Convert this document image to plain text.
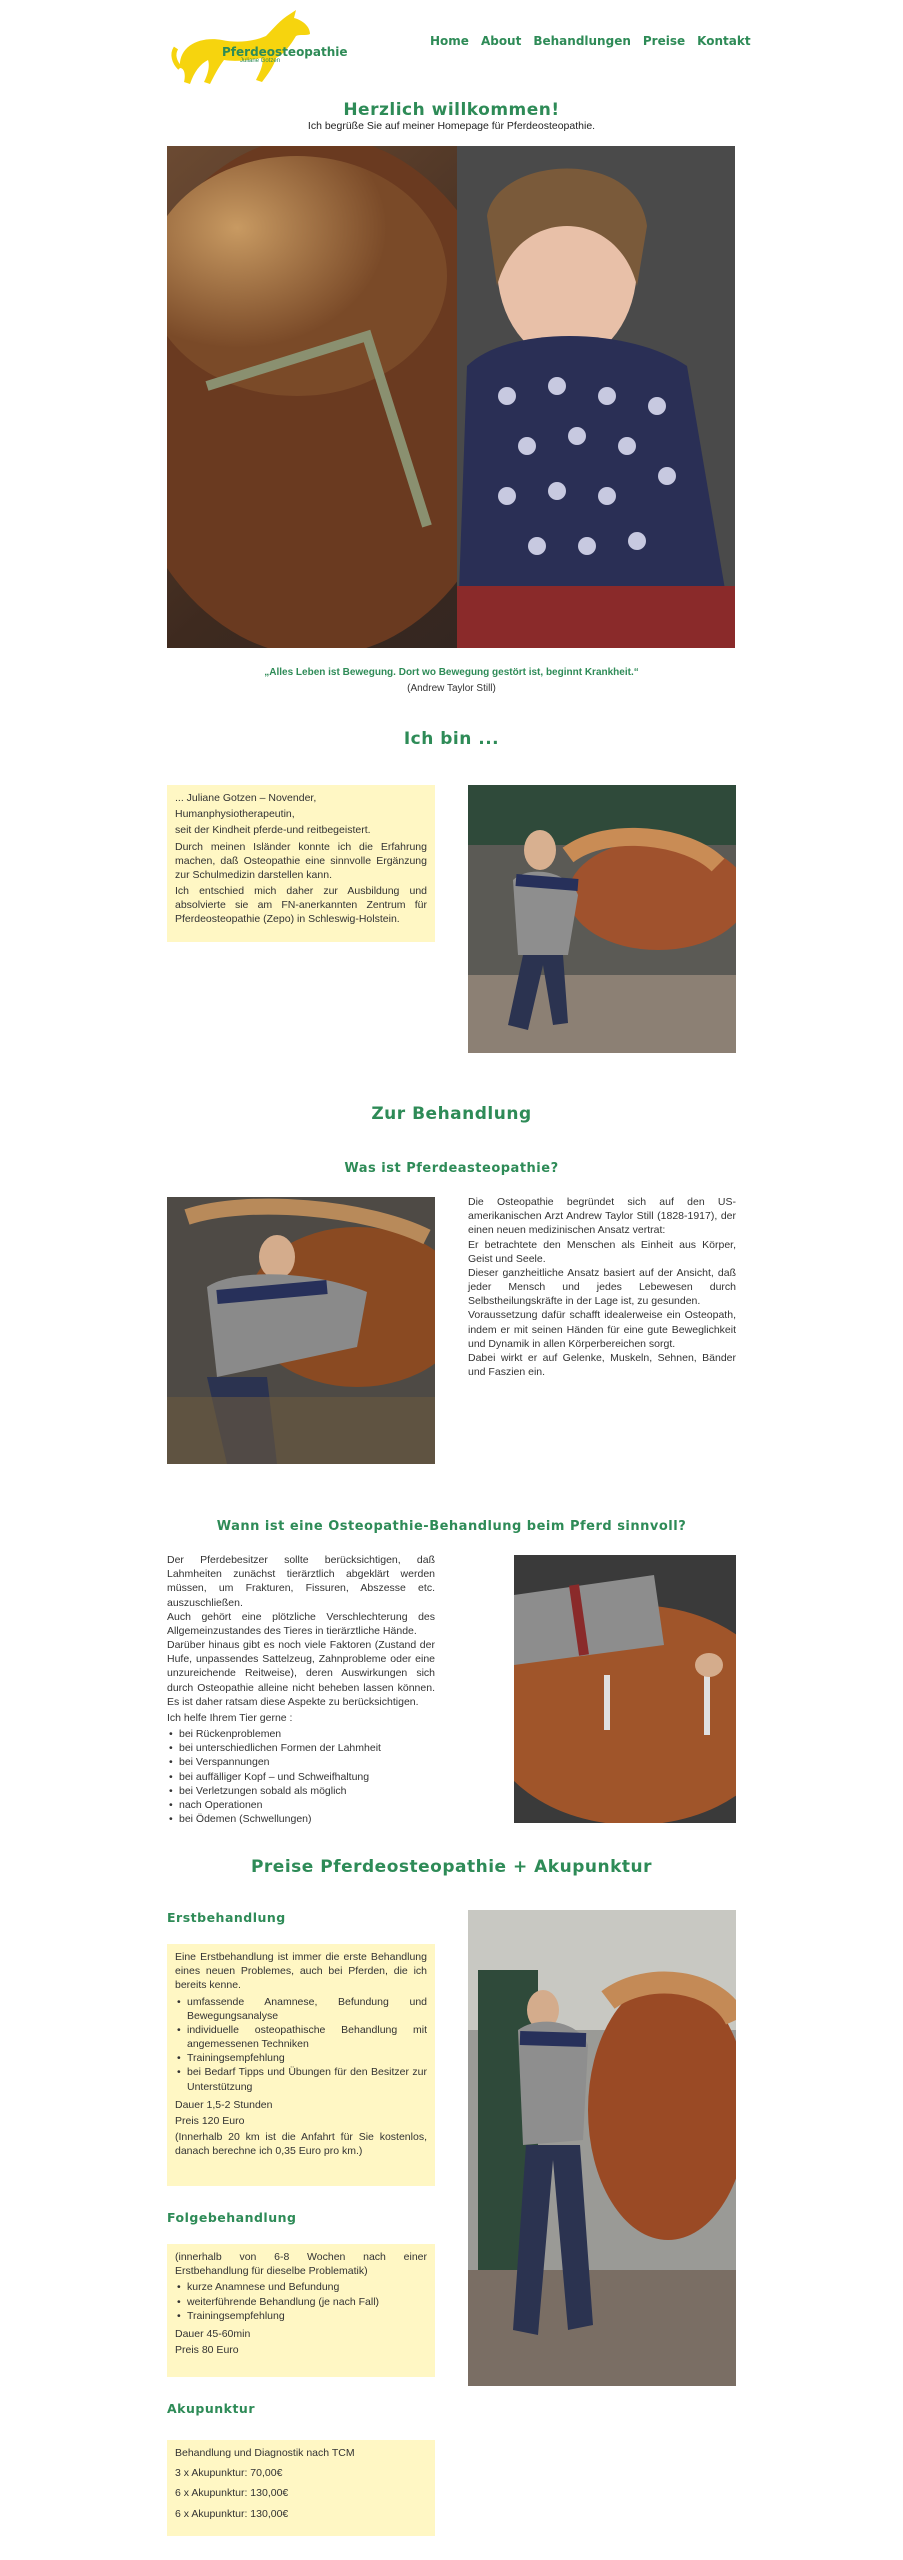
Pferdeosteopathie
Juliane Gotzen
Home About Behandlungen Preise Kontakt
Herzlich willkommen!
Ich begrüße Sie auf meiner Homepage für Pferdeosteopathie.
„Alles Leben ist Bewegung. Dort wo Bewegung gestört ist, beginnt Krankheit.“
(Andrew Taylor Still)
Ich bin ...

... Juliane Gotzen – Novender,

Humanphysiotherapeutin,

seit der Kindheit pferde-und reitbegeistert.

Durch meinen Isländer konnte ich die Erfahrung machen, daß Osteopathie eine sinnvolle Ergänzung zur Schulmedizin darstellen kann.

Ich entschied mich daher zur Ausbildung und absolvierte sie am FN-anerkannten Zentrum für Pferdeosteopathie (Zepo) in Schleswig-Holstein.

Zur Behandlung
Was ist Pferdeasteopathie?

Die Osteopathie begründet sich auf den US-amerikanischen Arzt Andrew Taylor Still (1828-1917), der einen neuen medizinischen Ansatz vertrat:

Er betrachtete den Menschen als Einheit aus Körper, Geist und Seele.

Dieser ganzheitliche Ansatz basiert auf der Ansicht, daß jeder Mensch und jedes Lebewesen durch Selbstheilungskräfte in der Lage ist, zu gesunden.

Voraussetzung dafür schafft idealerweise ein Osteopath, indem er mit seinen Händen für eine gute Beweglichkeit und Dynamik in allen Körperbereichen sorgt.

Dabei wirkt er auf Gelenke, Muskeln, Sehnen, Bänder und Faszien ein.

Wann ist eine Osteopathie-Behandlung beim Pferd sinnvoll?

Der Pferdebesitzer sollte berücksichtigen, daß Lahmheiten zunächst tierärztlich abgeklärt werden müssen, um Frakturen, Fissuren, Abszesse etc. auszuschließen.

Auch gehört eine plötzliche Verschlechterung des Allgemeinzustandes des Tieres in tierärztliche Hände.

Darüber hinaus gibt es noch viele Faktoren (Zustand der Hufe, unpassendes Sattelzeug, Zahnprobleme oder eine unzureichende Reitweise), deren Auswirkungen sich durch Osteopathie alleine nicht beheben lassen können. Es ist daher ratsam diese Aspekte zu berücksichtigen.

Ich helfe Ihrem Tier gerne :

• bei Rückenproblemen
• bei unterschiedlichen Formen der Lahmheit
• bei Verspannungen
• bei auffälliger Kopf – und Schweifhaltung
• bei Verletzungen sobald als möglich
• nach Operationen
• bei Ödemen (Schwellungen)
Preise Pferdeosteopathie + Akupunktur
Erstbehandlung

Eine Erstbehandlung ist immer die erste Behandlung eines neuen Problemes, auch bei Pferden, die ich bereits kenne.

• umfassende Anamnese, Befundung und Bewegungsanalyse
• individuelle osteopathische Behandlung mit angemessenen Techniken
• Trainingsempfehlung
• bei Bedarf Tipps und Übungen für den Besitzer zur Unterstützung

Dauer 1,5-2 Stunden

Preis 120 Euro

(Innerhalb 20 km ist die Anfahrt für Sie kostenlos, danach berechne ich 0,35 Euro pro km.)

Folgebehandlung

(innerhalb von 6-8 Wochen nach einer Erstbehandlung für dieselbe Problematik)

• kurze Anamnese und Befundung
• weiterführende Behandlung (je nach Fall)
• Trainingsempfehlung

Dauer 45-60min

Preis 80 Euro

Akupunktur

Behandlung und Diagnostik nach TCM

3 x Akupunktur: 70,00€

6 x Akupunktur: 130,00€

6 x Akupunktur: 130,00€
